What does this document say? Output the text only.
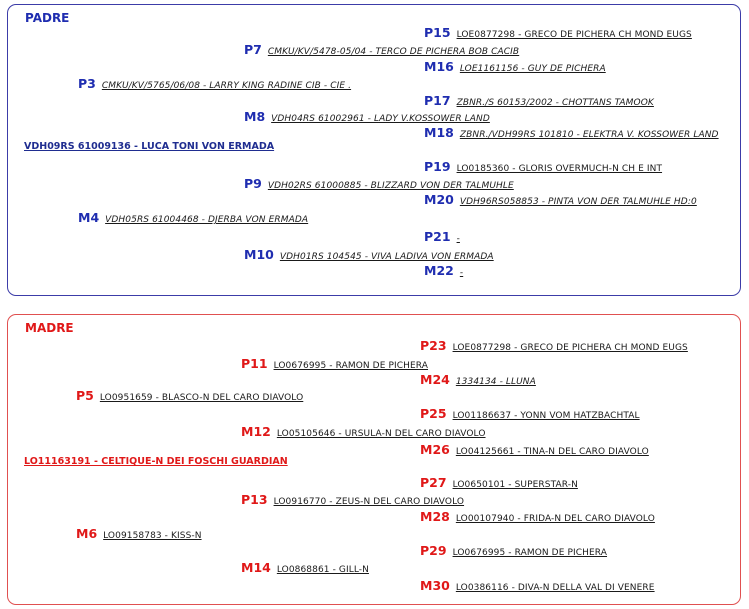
PADRE
P15 LOE0877298 - GRECO DE PICHERA CH MOND EUGS
P7 CMKU/KV/5478-05/04 - TERCO DE PICHERA BOB CACIB
M16 LOE1161156 - GUY DE PICHERA
P3 CMKU/KV/5765/06/08 - LARRY KING RADINE CIB - CIE .
P17 ZBNR./S 60153/2002 - CHOTTANS TAMOOK
M8 VDH04RS 61002961 - LADY V.KOSSOWER LAND
M18 ZBNR./VDH99RS 101810 - ELEKTRA V. KOSSOWER LAND
VDH09RS 61009136 - LUCA TONI VON ERMADA
P19 LO0185360 - GLORIS OVERMUCH-N CH E INT
P9 VDH02RS 61000885 - BLIZZARD VON DER TALMUHLE
M20 VDH96RS058853 - PINTA VON DER TALMUHLE HD:0
M4 VDH05RS 61004468 - DJERBA VON ERMADA
P21 -
M10 VDH01RS 104545 - VIVA LADIVA VON ERMADA
M22 -
MADRE
P23 LOE0877298 - GRECO DE PICHERA CH MOND EUGS
P11 LO0676995 - RAMON DE PICHERA
M24 1334134 - LLUNA
P5 LO0951659 - BLASCO-N DEL CARO DIAVOLO
P25 LO01186637 - YONN VOM HATZBACHTAL
M12 LO05105646 - URSULA-N DEL CARO DIAVOLO
M26 LO04125661 - TINA-N DEL CARO DIAVOLO
LO11163191 - CELTIQUE-N DEI FOSCHI GUARDIAN
P27 LO0650101 - SUPERSTAR-N
P13 LO0916770 - ZEUS-N DEL CARO DIAVOLO
M28 LO00107940 - FRIDA-N DEL CARO DIAVOLO
M6 LO09158783 - KISS-N
P29 LO0676995 - RAMON DE PICHERA
M14 LO0868861 - GILL-N
M30 LO0386116 - DIVA-N DELLA VAL DI VENERE
